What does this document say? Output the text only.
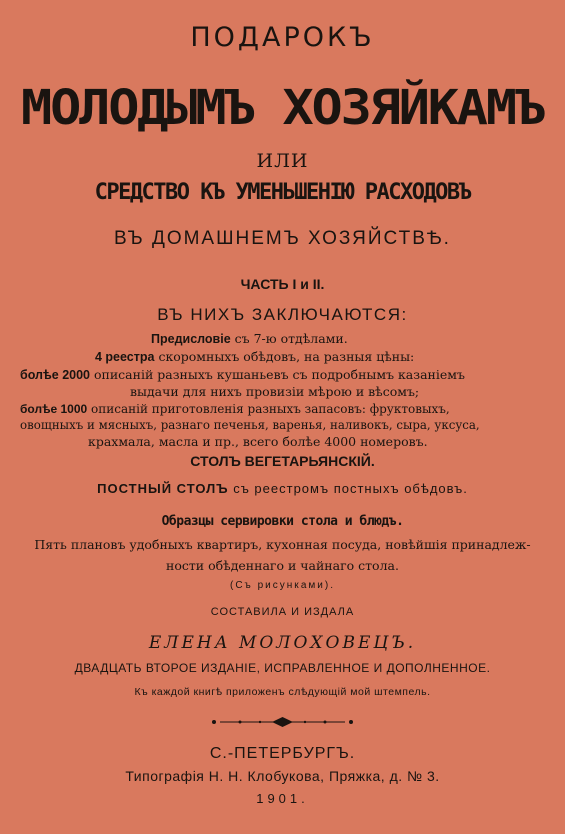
ПОДАРОКЪ
МОЛОДЫМЪ ХОЗЯЙКАМЪ
ИЛИ
СРЕДСТВО КЪ УМЕНЬШЕНІЮ РАСХОДОВЪ
ВЪ ДОМАШНЕМЪ ХОЗЯЙСТВѢ.
ЧАСТЬ I и II.
ВЪ НИХЪ ЗАКЛЮЧАЮТСЯ:
Предисловіе съ 7-ю отдѣлами.
4 реестра скоромныхъ обѣдовъ, на разныя цѣны:
болѣе 2000 описаній разныхъ кушаньевъ съ подробнымъ казаніемъ
выдачи для нихъ провизіи мѣрою и вѣсомъ;
болѣе 1000 описаній приготовленія разныхъ запасовъ: фруктовыхъ,
овощныхъ и мясныхъ, разнаго печенья, варенья, наливокъ, сыра, уксуса,
крахмала, масла и пр., всего болѣе 4000 номеровъ.
СТОЛЪ ВЕГЕТАРЬЯНСКІЙ.
ПОСТНЫЙ СТОЛЪ съ реестромъ постныхъ обѣдовъ.
Образцы сервировки стола и блюдъ.
Пять плановъ удобныхъ квартиръ, кухонная посуда, новѣйшія принадлеж-
ности обѣденнаго и чайнаго стола.
(Съ рисунками).
СОСТАВИЛА И ИЗДАЛА
ЕЛЕНА МОЛОХОВЕЦЪ.
ДВАДЦАТЬ ВТОРОЕ ИЗДАНІЕ, ИСПРАВЛЕННОЕ И ДОПОЛНЕННОЕ.
Къ каждой книгѣ приложенъ слѣдующій мой штемпель.
С.-ПЕТЕРБУРГЪ.
Типографія Н. Н. Клобукова, Пряжка, д. № 3.
1901.
